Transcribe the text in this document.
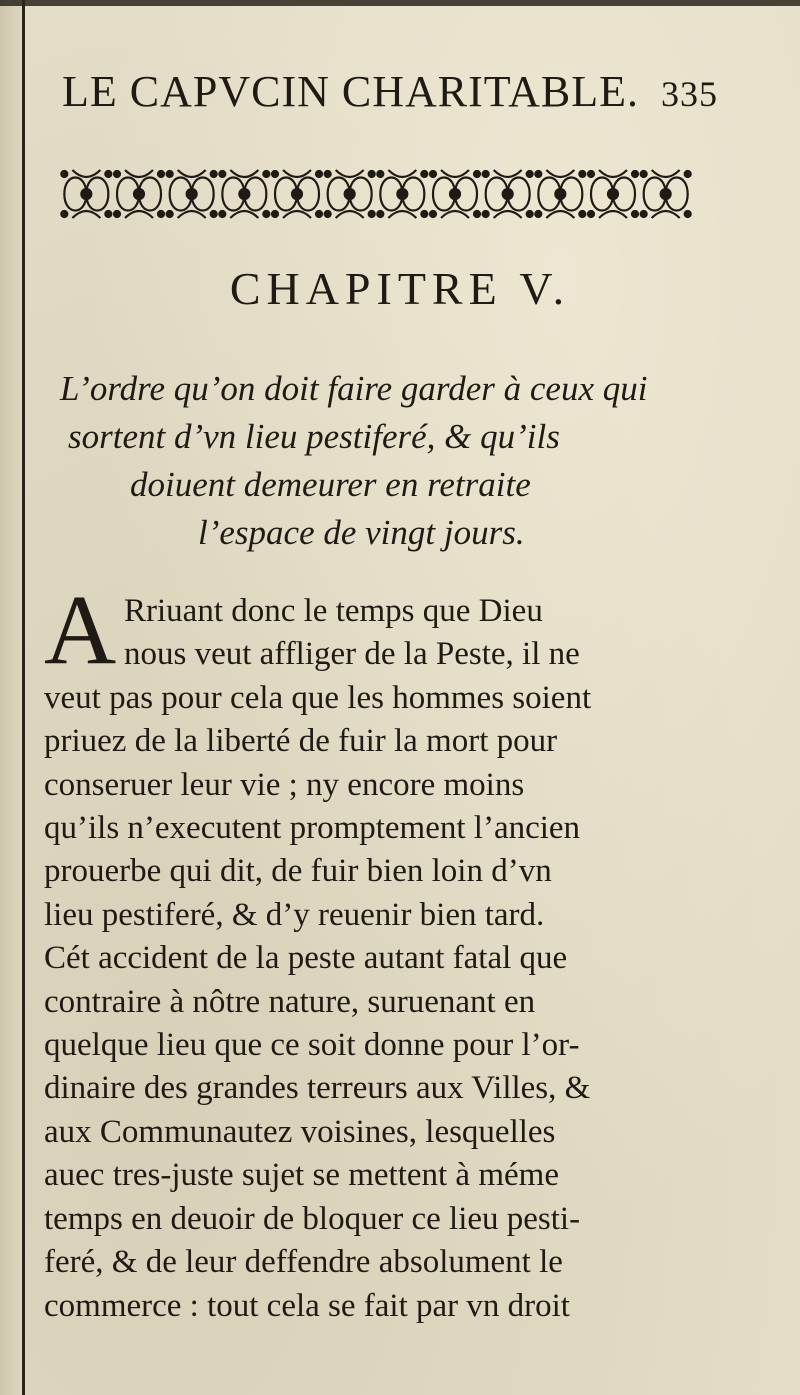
LE CAPVCIN CHARITABLE. 335
CHAPITRE V.
L’ordre qu’on doit faire garder à ceux qui
sortent d’vn lieu pestiferé, & qu’ils
doiuent demeurer en retraite
l’espace de vingt jours.
A Rriuant donc le temps que Dieu
nous veut affliger de la Peste, il ne
veut pas pour cela que les hommes soient
priuez de la liberté de fuir la mort pour
conseruer leur vie ; ny encore moins
qu’ils n’executent promptement l’ancien
prouerbe qui dit, de fuir bien loin d’vn
lieu pestiferé, & d’y reuenir bien tard.
Cét accident de la peste autant fatal que
contraire à nôtre nature, suruenant en
quelque lieu que ce soit donne pour l’or-
dinaire des grandes terreurs aux Villes, &
aux Communautez voisines, lesquelles
auec tres-juste sujet se mettent à méme
temps en deuoir de bloquer ce lieu pesti-
feré, & de leur deffendre absolument le
commerce : tout cela se fait par vn droit
